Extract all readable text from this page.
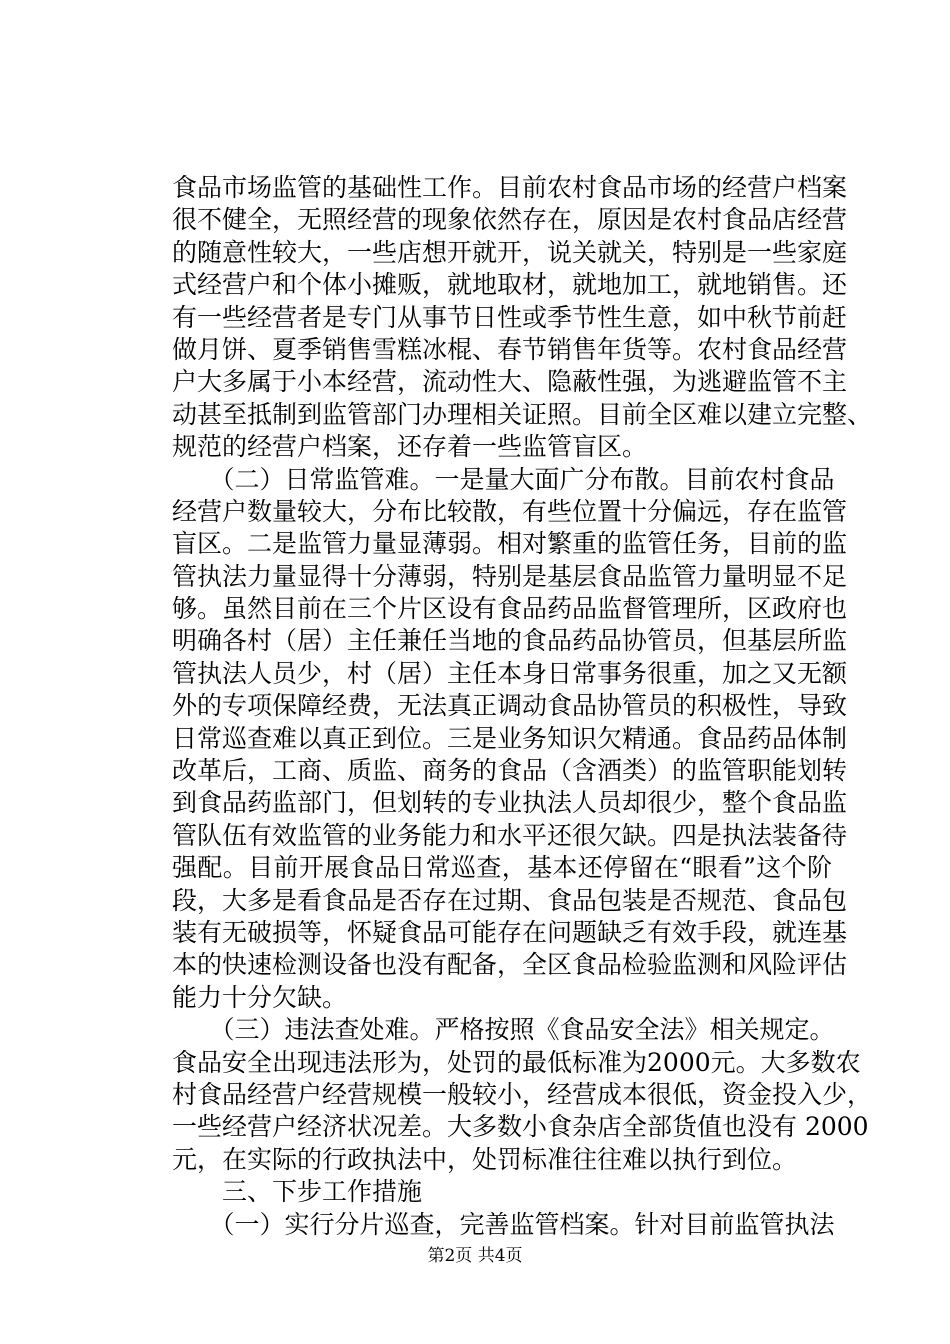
食品市场监管的基础性工作。目前农村食品市场的经营户档案
很不健全，无照经营的现象依然存在，原因是农村食品店经营
的随意性较大，一些店想开就开，说关就关，特别是一些家庭
式经营户和个体小摊贩，就地取材，就地加工，就地销售。还
有一些经营者是专门从事节日性或季节性生意，如中秋节前赶
做月饼、夏季销售雪糕冰棍、春节销售年货等。农村食品经营
户大多属于小本经营，流动性大、隐蔽性强，为逃避监管不主
动甚至抵制到监管部门办理相关证照。目前全区难以建立完整、
规范的经营户档案，还存着一些监管盲区。
　　（二）日常监管难。一是量大面广分布散。目前农村食品
经营户数量较大，分布比较散，有些位置十分偏远，存在监管
盲区。二是监管力量显薄弱。相对繁重的监管任务，目前的监
管执法力量显得十分薄弱，特别是基层食品监管力量明显不足
够。虽然目前在三个片区设有食品药品监督管理所，区政府也
明确各村（居）主任兼任当地的食品药品协管员，但基层所监
管执法人员少，村（居）主任本身日常事务很重，加之又无额
外的专项保障经费，无法真正调动食品协管员的积极性，导致
日常巡查难以真正到位。三是业务知识欠精通。食品药品体制
改革后，工商、质监、商务的食品（含酒类）的监管职能划转
到食品药监部门，但划转的专业执法人员却很少，整个食品监
管队伍有效监管的业务能力和水平还很欠缺。四是执法装备待
强配。目前开展食品日常巡查，基本还停留在“眼看”这个阶
段，大多是看食品是否存在过期、食品包装是否规范、食品包
装有无破损等，怀疑食品可能存在问题缺乏有效手段，就连基
本的快速检测设备也没有配备，全区食品检验监测和风险评估
能力十分欠缺。
　　（三）违法查处难。严格按照《食品安全法》相关规定。
食品安全出现违法形为，处罚的最低标准为2000元。大多数农
村食品经营户经营规模一般较小，经营成本很低，资金投入少，
一些经营户经济状况差。大多数小食杂店全部货值也没有 2000
元，在实际的行政执法中，处罚标准往往难以执行到位。
　　三、下步工作措施
　　（一）实行分片巡查，完善监管档案。针对目前监管执法
第2页 共4页
